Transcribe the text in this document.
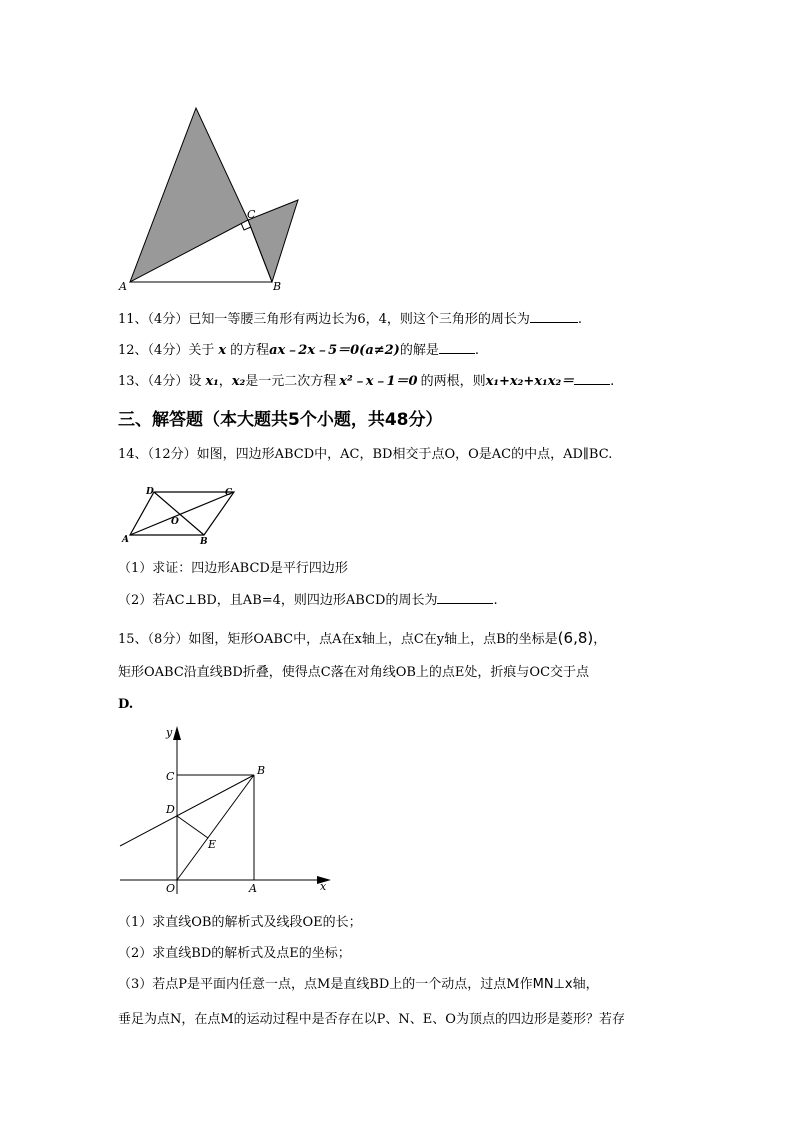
A	B
C
11、（4分）已知一等腰三角形有两边长为6，4，则这个三角形的周长为	.
12、（4分）关于 x 的方程ax﹣2x﹣5＝0(a≠2)的解是	.
13、（4分）设 x₁，x₂是一元二次方程 x²﹣x﹣1＝0 的两根，则x₁+x₂+x₁x₂＝	.
三、解答题（本大题共5个小题，共48分）
14、（12分）如图，四边形ABCD中，AC，BD相交于点O，O是AC的中点，AD∥BC.
D	C
O
A	B
（1）求证：四边形ABCD是平行四边形
（2）若AC⊥BD，且AB=4，则四边形ABCD的周长为	.
15、（8分）如图，矩形OABC中，点A在x轴上，点C在y轴上，点B的坐标是(6,8)，
矩形OABC沿直线BD折叠，使得点C落在对角线OB上的点E处，折痕与OC交于点
D.
y
C	B
D
E
O	A	x
（1）求直线OB的解析式及线段OE的长；
（2）求直线BD的解析式及点E的坐标；
（3）若点P是平面内任意一点，点M是直线BD上的一个动点，过点M作MN⊥x轴，
垂足为点N，在点M的运动过程中是否存在以P、N、E、O为顶点的四边形是菱形？若存
